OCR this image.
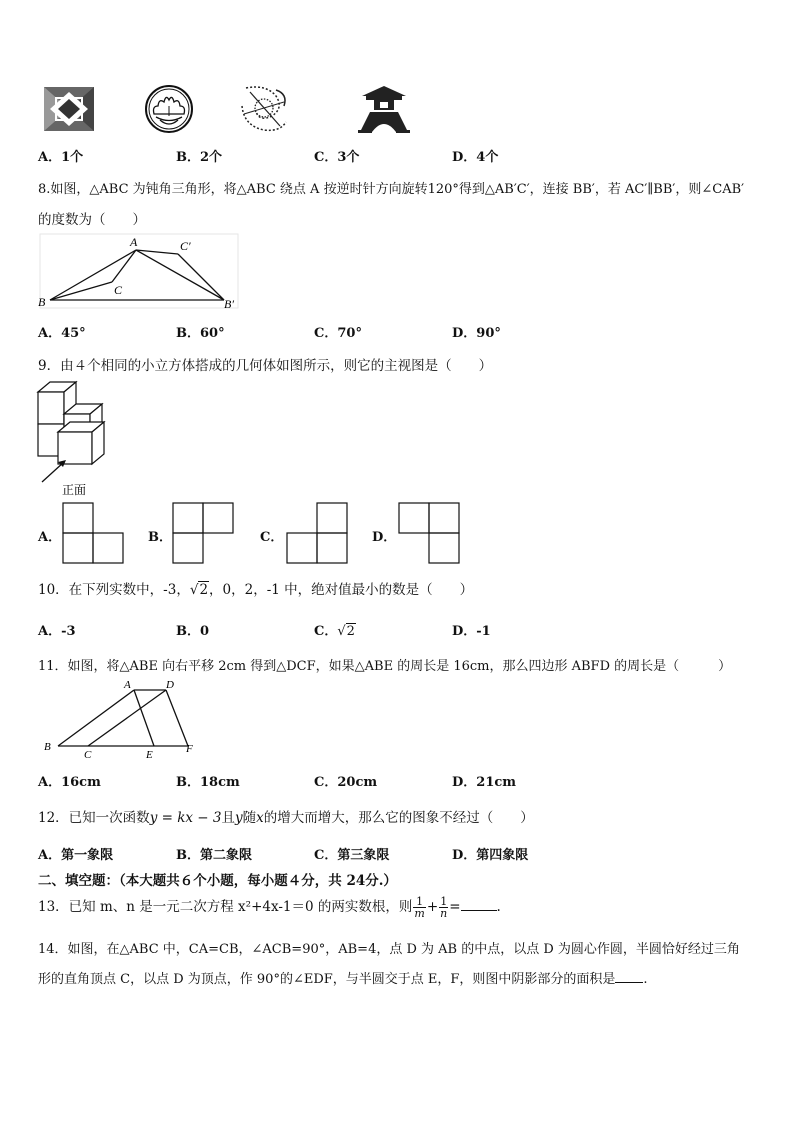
A．1个	B．2个	C．3个	D．4个
8.如图，△ABC 为钝角三角形，将△ABC 绕点 A 按逆时针方向旋转120°得到△AB′C′，连接 BB′，若 AC′∥BB′，则∠CAB′
的度数为（　　）
A	C′
B
C
B′
A．45°	B．60°	C．70°	D．90°
9．由４个相同的小立方体搭成的几何体如图所示，则它的主视图是（　　）
正面
A．	B．	C．	D．
10．在下列实数中，-3，√2，0，2，-1 中，绝对值最小的数是（　　）
A．-3	B．0	C．√2	D．-1
11．如图，将△ABE 向右平移 2cm 得到△DCF，如果△ABE 的周长是 16cm，那么四边形 ABFD 的周长是（　　　）
A	D
B
C	E	F
A．16cm	B．18cm	C．20cm	D．21cm
12．已知一次函数y = kx − 3且y随x的增大而增大，那么它的图象不经过（　　）
A．第一象限	B．第二象限	C．第三象限	D．第四象限
二、填空题：（本大题共６个小题，每小题４分，共 24分.）
13．已知 m、n 是一元二次方程 x²+4x-1＝0 的两实数根，则 $\frac{1}{m} + \frac{1}{n}$ =	.
14．如图，在△ABC 中，CA=CB，∠ACB=90°，AB=4，点 D 为 AB 的中点，以点 D 为圆心作圆，半圆恰好经过三角
形的直角顶点 C，以点 D 为顶点，作 90°的∠EDF，与半圆交于点 E，F，则图中阴影部分的面积是 .
